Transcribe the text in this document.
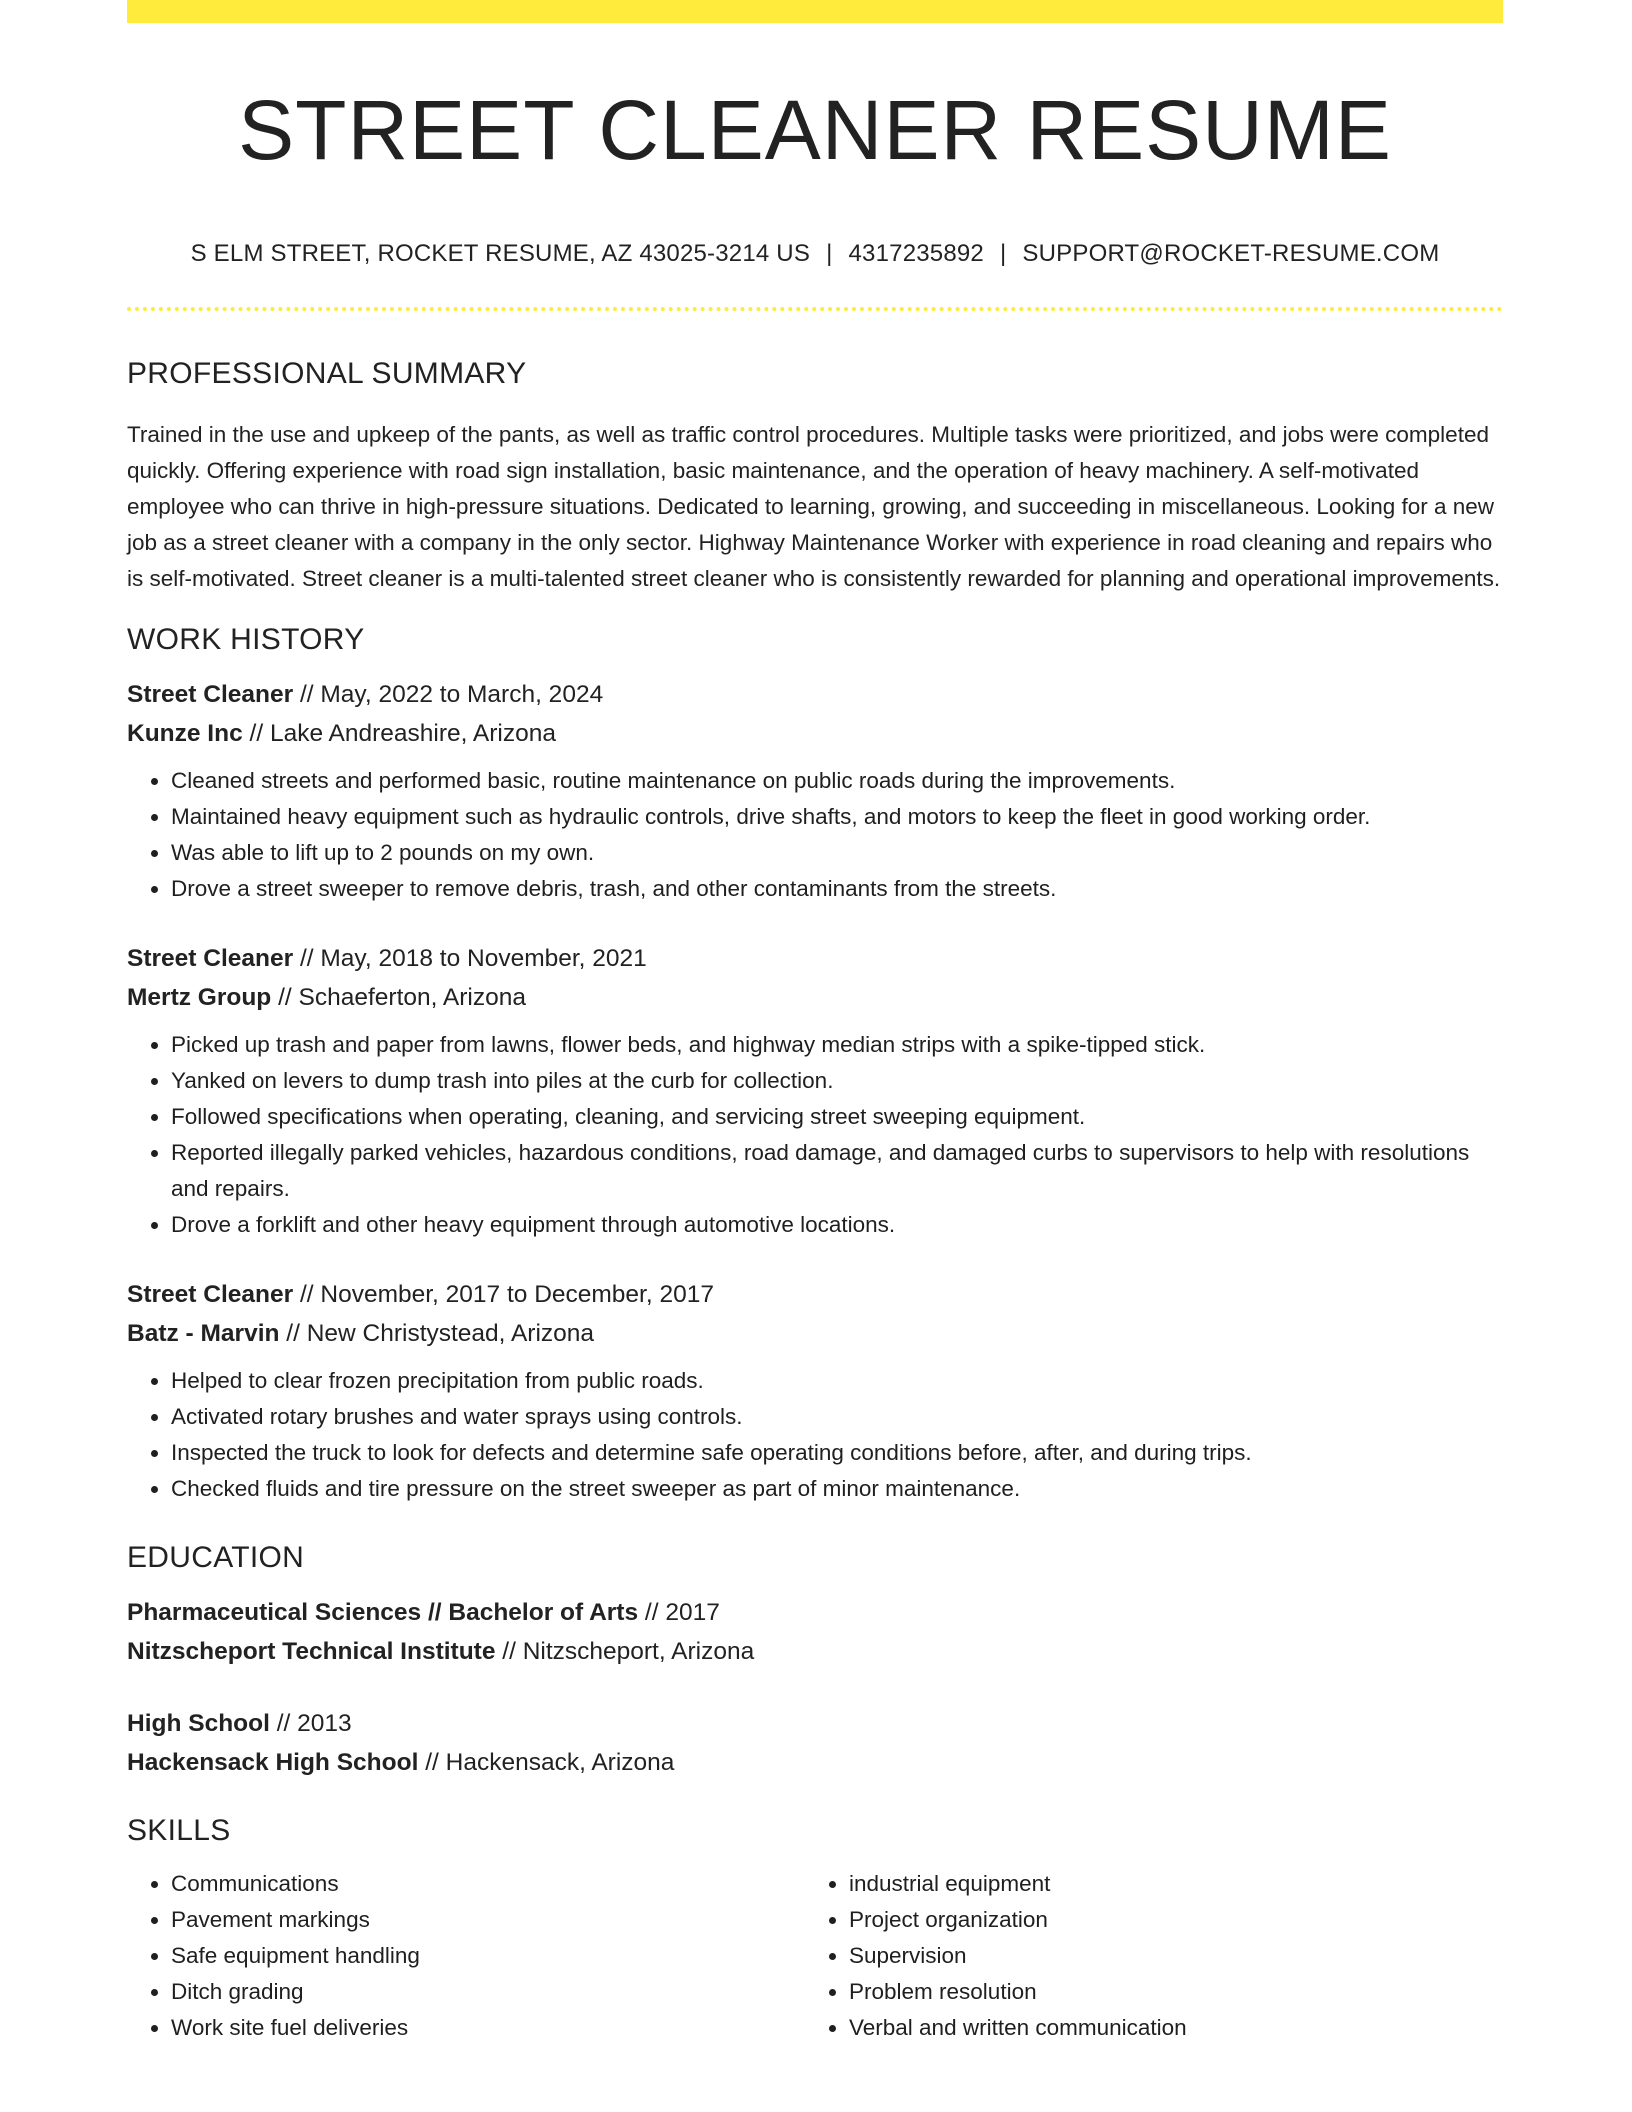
STREET CLEANER RESUME
S ELM STREET, ROCKET RESUME, AZ 43025-3214 US | 4317235892 | SUPPORT@ROCKET-RESUME.COM
PROFESSIONAL SUMMARY

Trained in the use and upkeep of the pants, as well as traffic control procedures. Multiple tasks were prioritized, and jobs were completed quickly. Offering experience with road sign installation, basic maintenance, and the operation of heavy machinery. A self-motivated employee who can thrive in high-pressure situations. Dedicated to learning, growing, and succeeding in miscellaneous. Looking for a new job as a street cleaner with a company in the only sector. Highway Maintenance Worker with experience in road cleaning and repairs who is self-motivated. Street cleaner is a multi-talented street cleaner who is consistently rewarded for planning and operational improvements.

WORK HISTORY
Street Cleaner // May, 2022 to March, 2024
Kunze Inc // Lake Andreashire, Arizona
• Cleaned streets and performed basic, routine maintenance on public roads during the improvements.
• Maintained heavy equipment such as hydraulic controls, drive shafts, and motors to keep the fleet in good working order.
• Was able to lift up to 2 pounds on my own.
• Drove a street sweeper to remove debris, trash, and other contaminants from the streets.
Street Cleaner // May, 2018 to November, 2021
Mertz Group // Schaeferton, Arizona
• Picked up trash and paper from lawns, flower beds, and highway median strips with a spike-tipped stick.
• Yanked on levers to dump trash into piles at the curb for collection.
• Followed specifications when operating, cleaning, and servicing street sweeping equipment.
• Reported illegally parked vehicles, hazardous conditions, road damage, and damaged curbs to supervisors to help with resolutions and repairs.
• Drove a forklift and other heavy equipment through automotive locations.
Street Cleaner // November, 2017 to December, 2017
Batz - Marvin // New Christystead, Arizona
• Helped to clear frozen precipitation from public roads.
• Activated rotary brushes and water sprays using controls.
• Inspected the truck to look for defects and determine safe operating conditions before, after, and during trips.
• Checked fluids and tire pressure on the street sweeper as part of minor maintenance.
EDUCATION
Pharmaceutical Sciences // Bachelor of Arts // 2017
Nitzscheport Technical Institute // Nitzscheport, Arizona
High School // 2013
Hackensack High School // Hackensack, Arizona
SKILLS
• Communications
• Pavement markings
• Safe equipment handling
• Ditch grading
• Work site fuel deliveries
• industrial equipment
• Project organization
• Supervision
• Problem resolution
• Verbal and written communication
